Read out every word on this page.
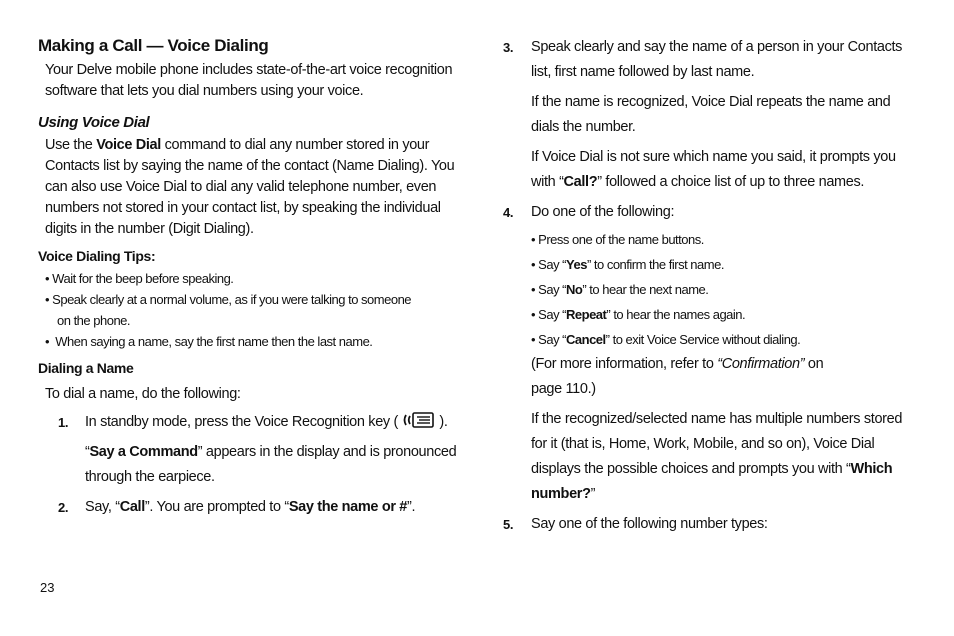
Making a Call — Voice Dialing
Your Delve mobile phone includes state-of-the-art voice recognition software that lets you dial numbers using your voice.
Using Voice Dial
Use the Voice Dial command to dial any number stored in your Contacts list by saying the name of the contact (Name Dialing). You can also use Voice Dial to dial any valid telephone number, even numbers not stored in your contact list, by speaking the individual digits in the number (Digit Dialing).
Voice Dialing Tips:
• Wait for the beep before speaking.
• Speak clearly at a normal volume, as if you were talking to someone
on the phone.
•  When saying a name, say the first name then the last name.
Dialing a Name
To dial a name, do the following:
1. In standby mode, press the Voice Recognition key (	).
“Say a Command” appears in the display and is pronounced through the earpiece.
2. Say, “Call”. You are prompted to “Say the name or #”.
3. Speak clearly and say the name of a person in your Contacts list, first name followed by last name.
If the name is recognized, Voice Dial repeats the name and dials the number.
If Voice Dial is not sure which name you said, it prompts you with “Call?” followed a choice list of up to three names.
4. Do one of the following:
• Press one of the name buttons.
• Say “Yes” to confirm the first name.
• Say “No” to hear the next name.
• Say “Repeat” to hear the names again.
• Say “Cancel” to exit Voice Service without dialing.
(For more information, refer to “Confirmation” on
page 110.)
If the recognized/selected name has multiple numbers stored for it (that is, Home, Work, Mobile, and so on), Voice Dial displays the possible choices and prompts you with “Which number?”
5. Say one of the following number types:
23
